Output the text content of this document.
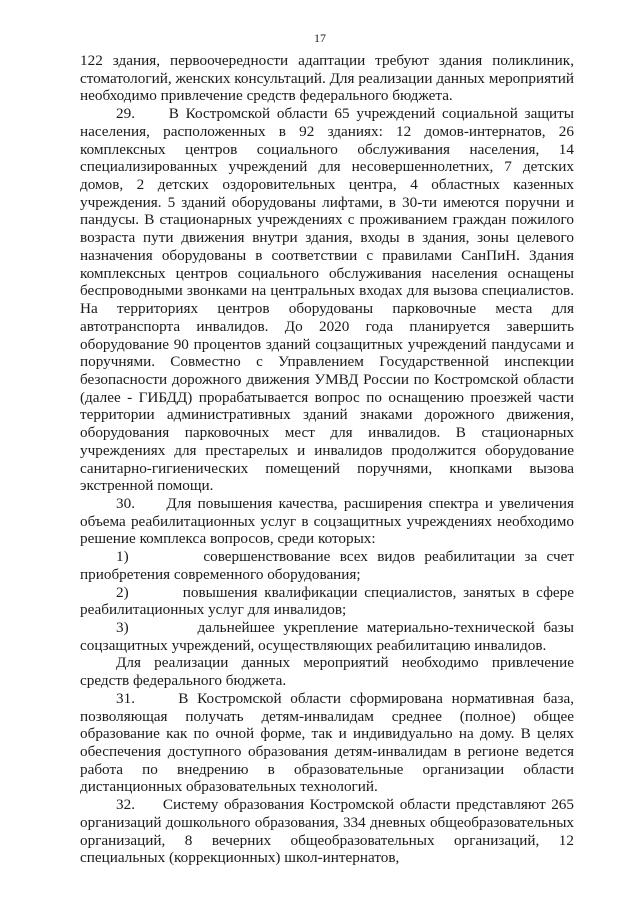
17

122 здания, первоочередности адаптации требуют здания поликлиник, стоматологий, женских консультаций. Для реализации данных мероприятий необходимо привлечение средств федерального бюджета.

29.     В Костромской области 65 учреждений социальной защиты населения, расположенных в 92 зданиях: 12 домов-интернатов, 26 комплексных центров социального обслуживания населения, 14 специализированных учреждений для несовершеннолетних, 7 детских домов, 2 детских оздоровительных центра, 4 областных казенных учреждения. 5 зданий оборудованы лифтами, в 30-ти имеются поручни и пандусы. В стационарных учреждениях с проживанием граждан пожилого возраста пути движения внутри здания, входы в здания, зоны целевого назначения оборудованы в соответствии с правилами СанПиН. Здания комплексных центров социального обслуживания населения оснащены беспроводными звонками на центральных входах для вызова специалистов. На территориях центров оборудованы парковочные места для автотранспорта инвалидов. До 2020 года планируется завершить оборудование 90 процентов зданий соцзащитных учреждений пандусами и поручнями. Совместно с Управлением Государственной инспекции безопасности дорожного движения УМВД России по Костромской области (далее - ГИБДД) прорабатывается вопрос по оснащению проезжей части территории административных зданий знаками дорожного движения, оборудования парковочных мест для инвалидов. В стационарных учреждениях для престарелых и инвалидов продолжится оборудование санитарно-гигиенических помещений поручнями, кнопками вызова экстренной помощи.

30.     Для повышения качества, расширения спектра и увеличения объема реабилитационных услуг в соцзащитных учреждениях необходимо решение комплекса вопросов, среди которых:

1)        совершенствование всех видов реабилитации за счет приобретения современного оборудования;

2)        повышения квалификации специалистов, занятых в сфере реабилитационных услуг для инвалидов;

3)        дальнейшее укрепление материально-технической базы соцзащитных учреждений, осуществляющих реабилитацию инвалидов.

Для реализации данных мероприятий необходимо привлечение средств федерального бюджета.

31.     В Костромской области сформирована нормативная база, позволяющая получать детям-инвалидам среднее (полное) общее образование как по очной форме, так и индивидуально на дому. В целях обеспечения доступного образования детям-инвалидам в регионе ведется работа по внедрению в образовательные организации области дистанционных образовательных технологий.

32.     Систему образования Костромской области представляют 265 организаций дошкольного образования, 334 дневных общеобразовательных организаций, 8 вечерних общеобразовательных организаций, 12 специальных (коррекционных) школ-интернатов,
